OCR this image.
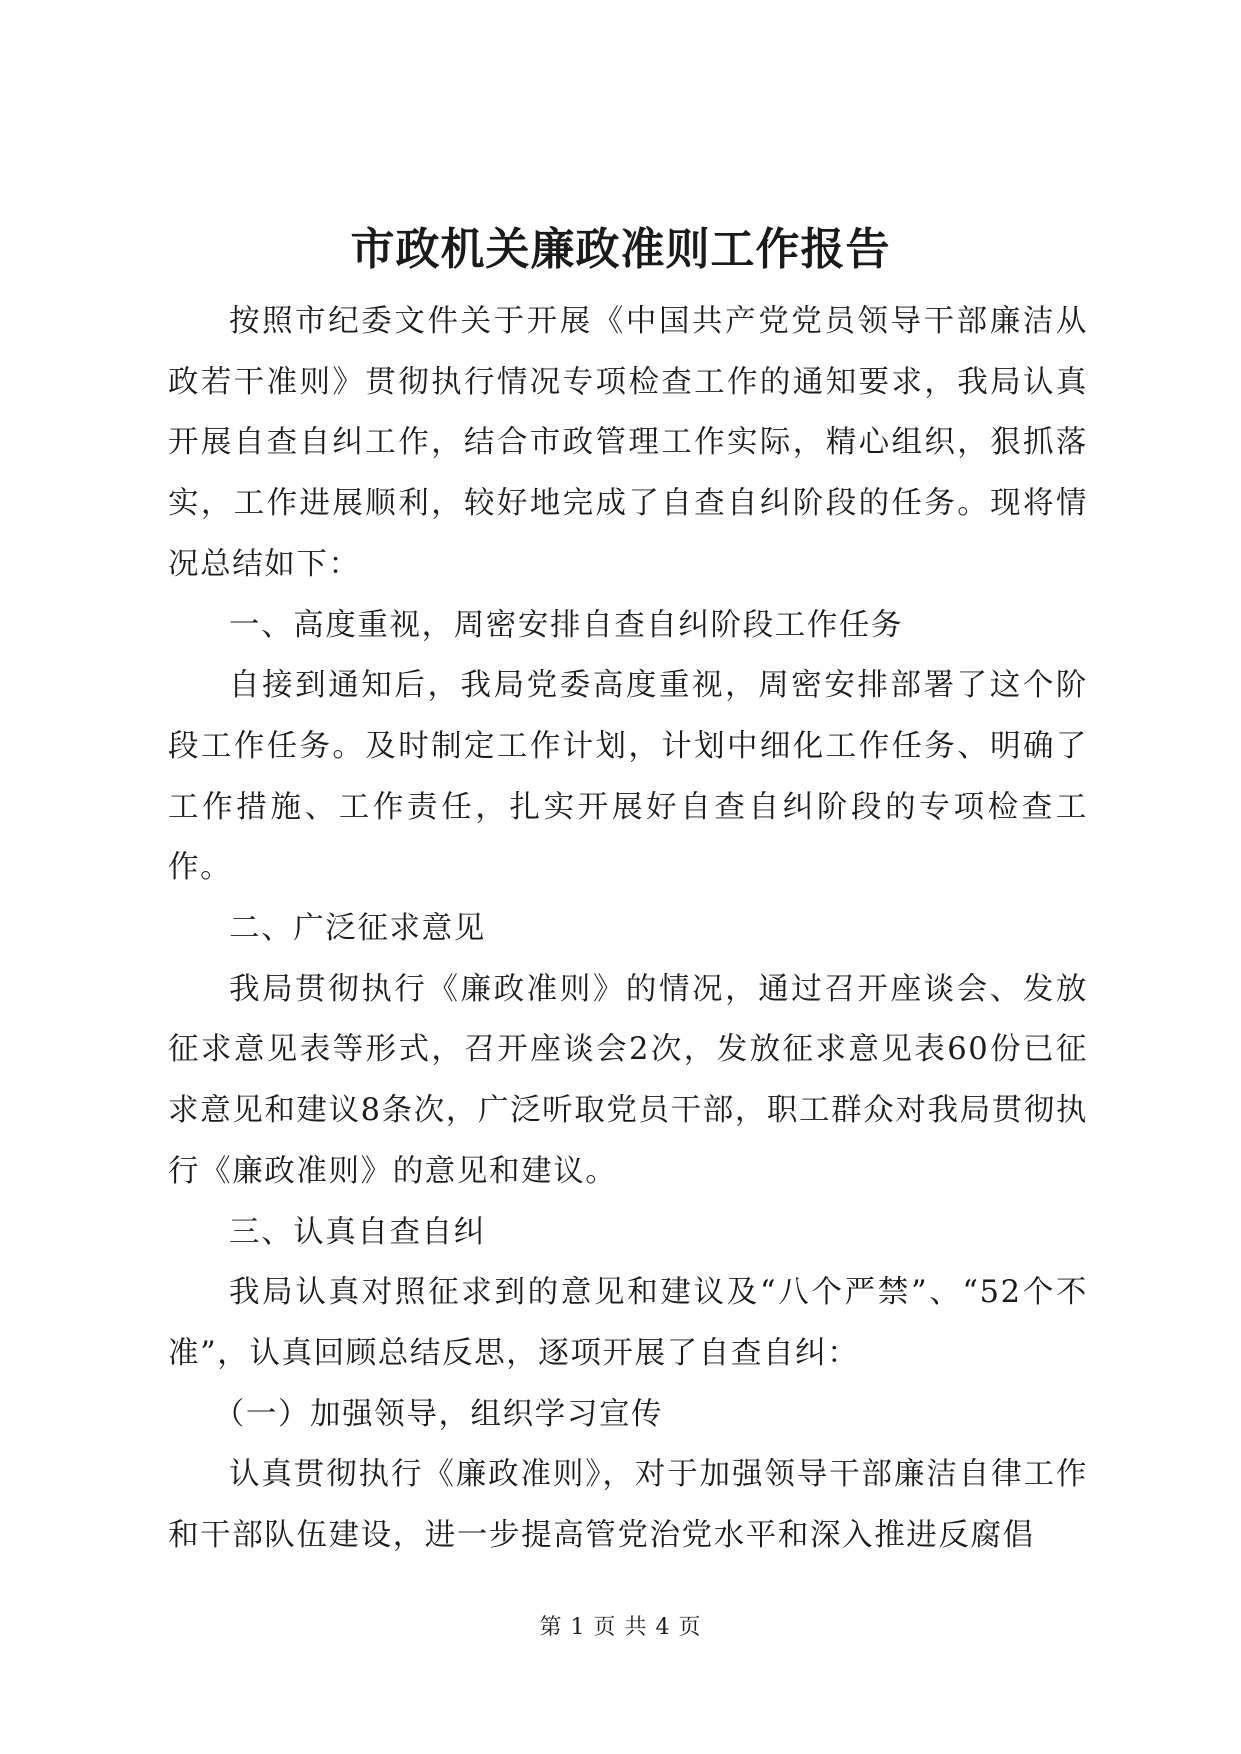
市政机关廉政准则工作报告

按照市纪委文件关于开展《中国共产党党员领导干部廉洁从政若干准则》贯彻执行情况专项检查工作的通知要求，我局认真开展自查自纠工作，结合市政管理工作实际，精心组织，狠抓落实，工作进展顺利，较好地完成了自查自纠阶段的任务。现将情况总结如下：

一、高度重视，周密安排自查自纠阶段工作任务

自接到通知后，我局党委高度重视，周密安排部署了这个阶段工作任务。及时制定工作计划，计划中细化工作任务、明确了工作措施、工作责任，扎实开展好自查自纠阶段的专项检查工作。

二、广泛征求意见

我局贯彻执行《廉政准则》的情况，通过召开座谈会、发放征求意见表等形式，召开座谈会2次，发放征求意见表60份已征求意见和建议8条次，广泛听取党员干部，职工群众对我局贯彻执行《廉政准则》的意见和建议。

三、认真自查自纠

我局认真对照征求到的意见和建议及“八个严禁”、“52个不准”，认真回顾总结反思，逐项开展了自查自纠：

（一）加强领导，组织学习宣传

认真贯彻执行《廉政准则》，对于加强领导干部廉洁自律工作和干部队伍建设，进一步提高管党治党水平和深入推进反腐倡

第 1 页 共 4 页
